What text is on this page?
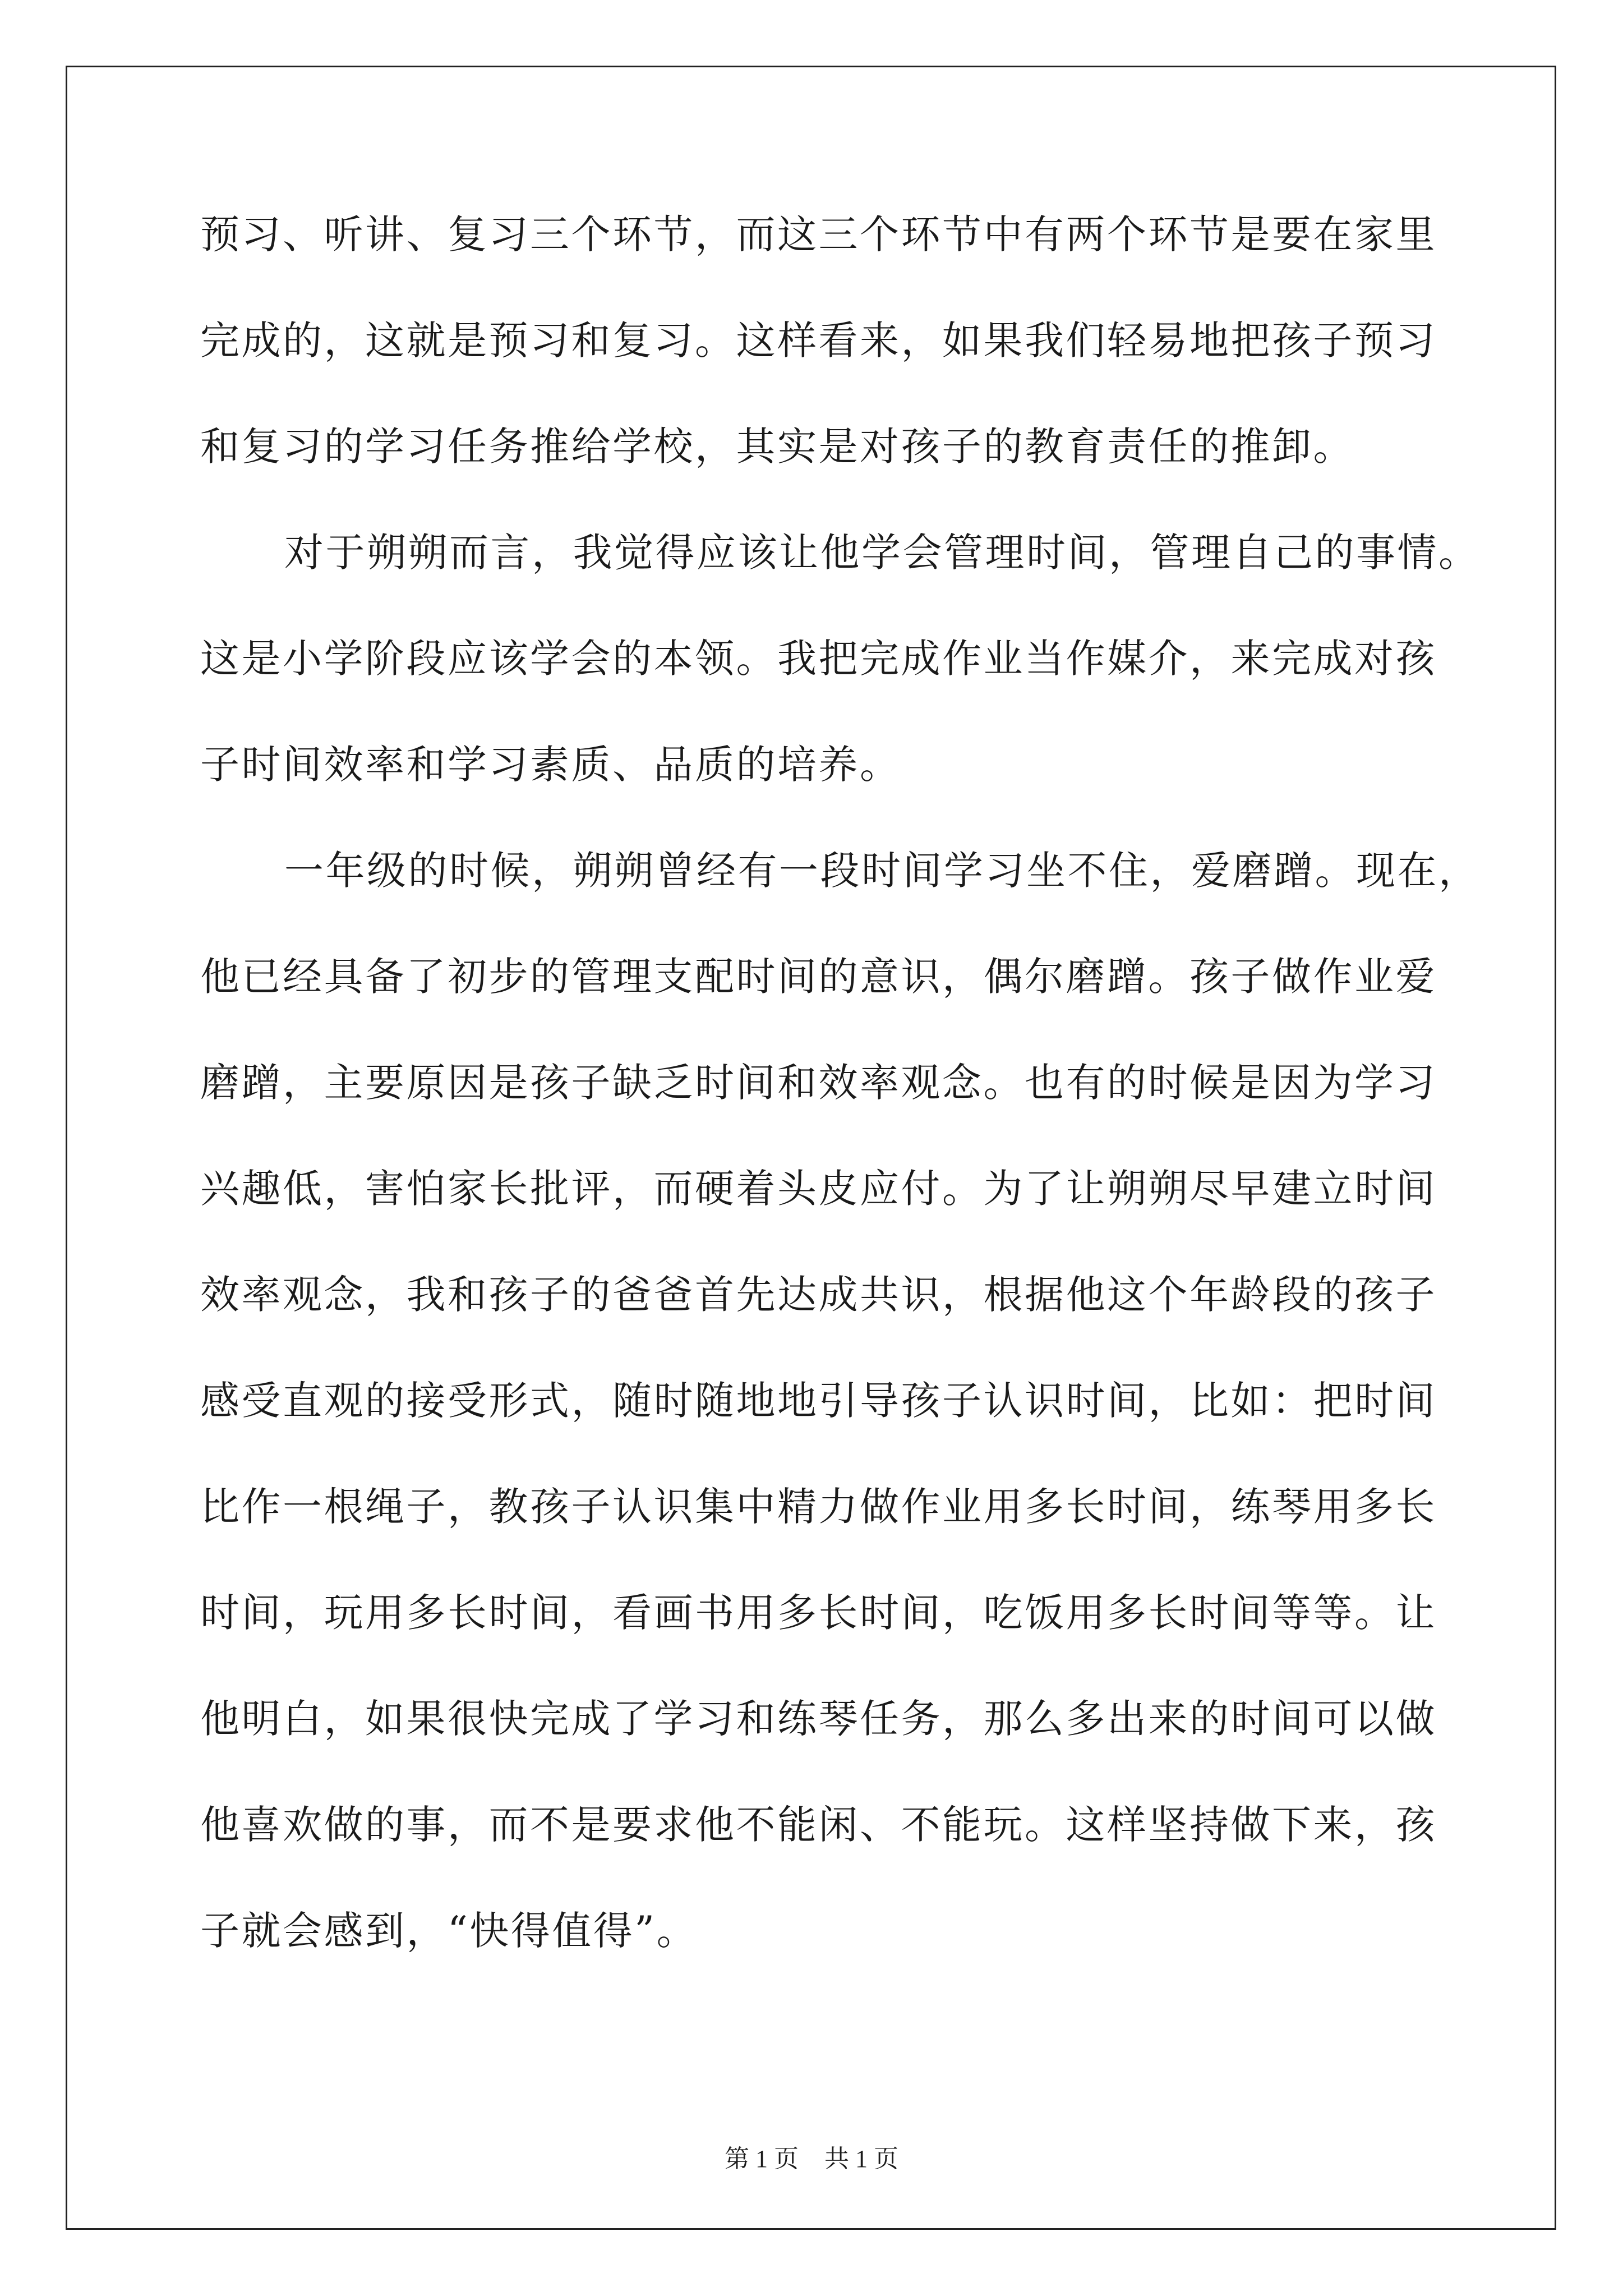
预习、听讲、复习三个环节，而这三个环节中有两个环节是要在家里
完成的，这就是预习和复习。这样看来，如果我们轻易地把孩子预习
和复习的学习任务推给学校，其实是对孩子的教育责任的推卸。
对于朔朔而言，我觉得应该让他学会管理时间，管理自己的事情。
这是小学阶段应该学会的本领。我把完成作业当作媒介，来完成对孩
子时间效率和学习素质、品质的培养。
一年级的时候，朔朔曾经有一段时间学习坐不住，爱磨蹭。现在，
他已经具备了初步的管理支配时间的意识，偶尔磨蹭。孩子做作业爱
磨蹭，主要原因是孩子缺乏时间和效率观念。也有的时候是因为学习
兴趣低，害怕家长批评，而硬着头皮应付。为了让朔朔尽早建立时间
效率观念，我和孩子的爸爸首先达成共识，根据他这个年龄段的孩子
感受直观的接受形式，随时随地地引导孩子认识时间，比如：把时间
比作一根绳子，教孩子认识集中精力做作业用多长时间，练琴用多长
时间，玩用多长时间，看画书用多长时间，吃饭用多长时间等等。让
他明白，如果很快完成了学习和练琴任务，那么多出来的时间可以做
他喜欢做的事，而不是要求他不能闲、不能玩。这样坚持做下来，孩
子就会感到，“快得值得”。
第 1 页 共 1 页
